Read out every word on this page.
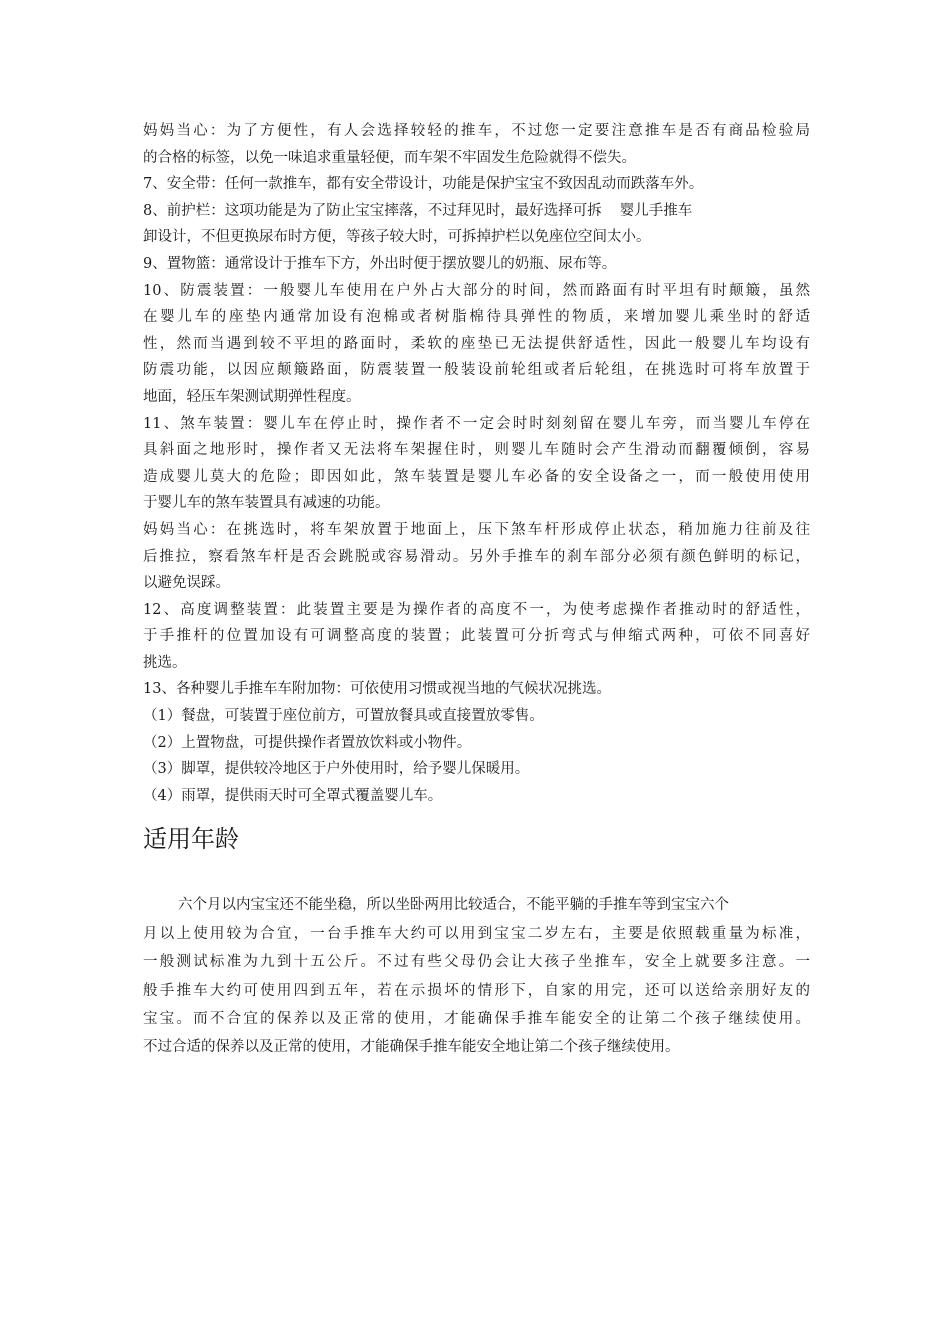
妈妈当心：为了方便性，有人会选择较轻的推车，不过您一定要注意推车是否有商品检验局
的合格的标签，以免一味追求重量轻便，而车架不牢固发生危险就得不偿失。
7、安全带：任何一款推车，都有安全带设计，功能是保护宝宝不致因乱动而跌落车外。
8、前护栏：这项功能是为了防止宝宝摔落，不过拜见时，最好选择可拆 婴儿手推车
卸设计，不但更换尿布时方便，等孩子较大时，可拆掉护栏以免座位空间太小。
9、置物篮：通常设计于推车下方，外出时便于摆放婴儿的奶瓶、尿布等。
10、防震装置：一般婴儿车使用在户外占大部分的时间，然而路面有时平坦有时颠簸，虽然
在婴儿车的座垫内通常加设有泡棉或者树脂棉待具弹性的物质，来增加婴儿乘坐时的舒适
性，然而当遇到较不平坦的路面时，柔软的座垫已无法提供舒适性，因此一般婴儿车均设有
防震功能，以因应颠簸路面，防震装置一般装设前轮组或者后轮组，在挑选时可将车放置于
地面，轻压车架测试期弹性程度。
11、煞车装置：婴儿车在停止时，操作者不一定会时时刻刻留在婴儿车旁，而当婴儿车停在
具斜面之地形时，操作者又无法将车架握住时，则婴儿车随时会产生滑动而翻覆倾倒，容易
造成婴儿莫大的危险；即因如此，煞车装置是婴儿车必备的安全设备之一，而一般使用使用
于婴儿车的煞车装置具有减速的功能。
妈妈当心：在挑选时，将车架放置于地面上，压下煞车杆形成停止状态，稍加施力往前及往
后推拉，察看煞车杆是否会跳脱或容易滑动。另外手推车的刹车部分必须有颜色鲜明的标记，
以避免误踩。
12、高度调整装置：此装置主要是为操作者的高度不一，为使考虑操作者推动时的舒适性，
于手推杆的位置加设有可调整高度的装置；此装置可分折弯式与伸缩式两种，可依不同喜好
挑选。
13、各种婴儿手推车车附加物：可依使用习惯或视当地的气候状况挑选。
（1）餐盘，可装置于座位前方，可置放餐具或直接置放零售。
（2）上置物盘，可提供操作者置放饮料或小物件。
（3）脚罩，提供较冷地区于户外使用时，给予婴儿保暖用。
（4）雨罩，提供雨天时可全罩式覆盖婴儿车。
适用年龄
六个月以内宝宝还不能坐稳，所以坐卧两用比较适合，不能平躺的手推车等到宝宝六个
月以上使用较为合宜，一台手推车大约可以用到宝宝二岁左右，主要是依照载重量为标准，
一般测试标准为九到十五公斤。不过有些父母仍会让大孩子坐推车，安全上就要多注意。一
般手推车大约可使用四到五年，若在示损坏的情形下，自家的用完，还可以送给亲朋好友的
宝宝。而不合宜的保养以及正常的使用，才能确保手推车能安全的让第二个孩子继续使用。
不过合适的保养以及正常的使用，才能确保手推车能安全地让第二个孩子继续使用。
